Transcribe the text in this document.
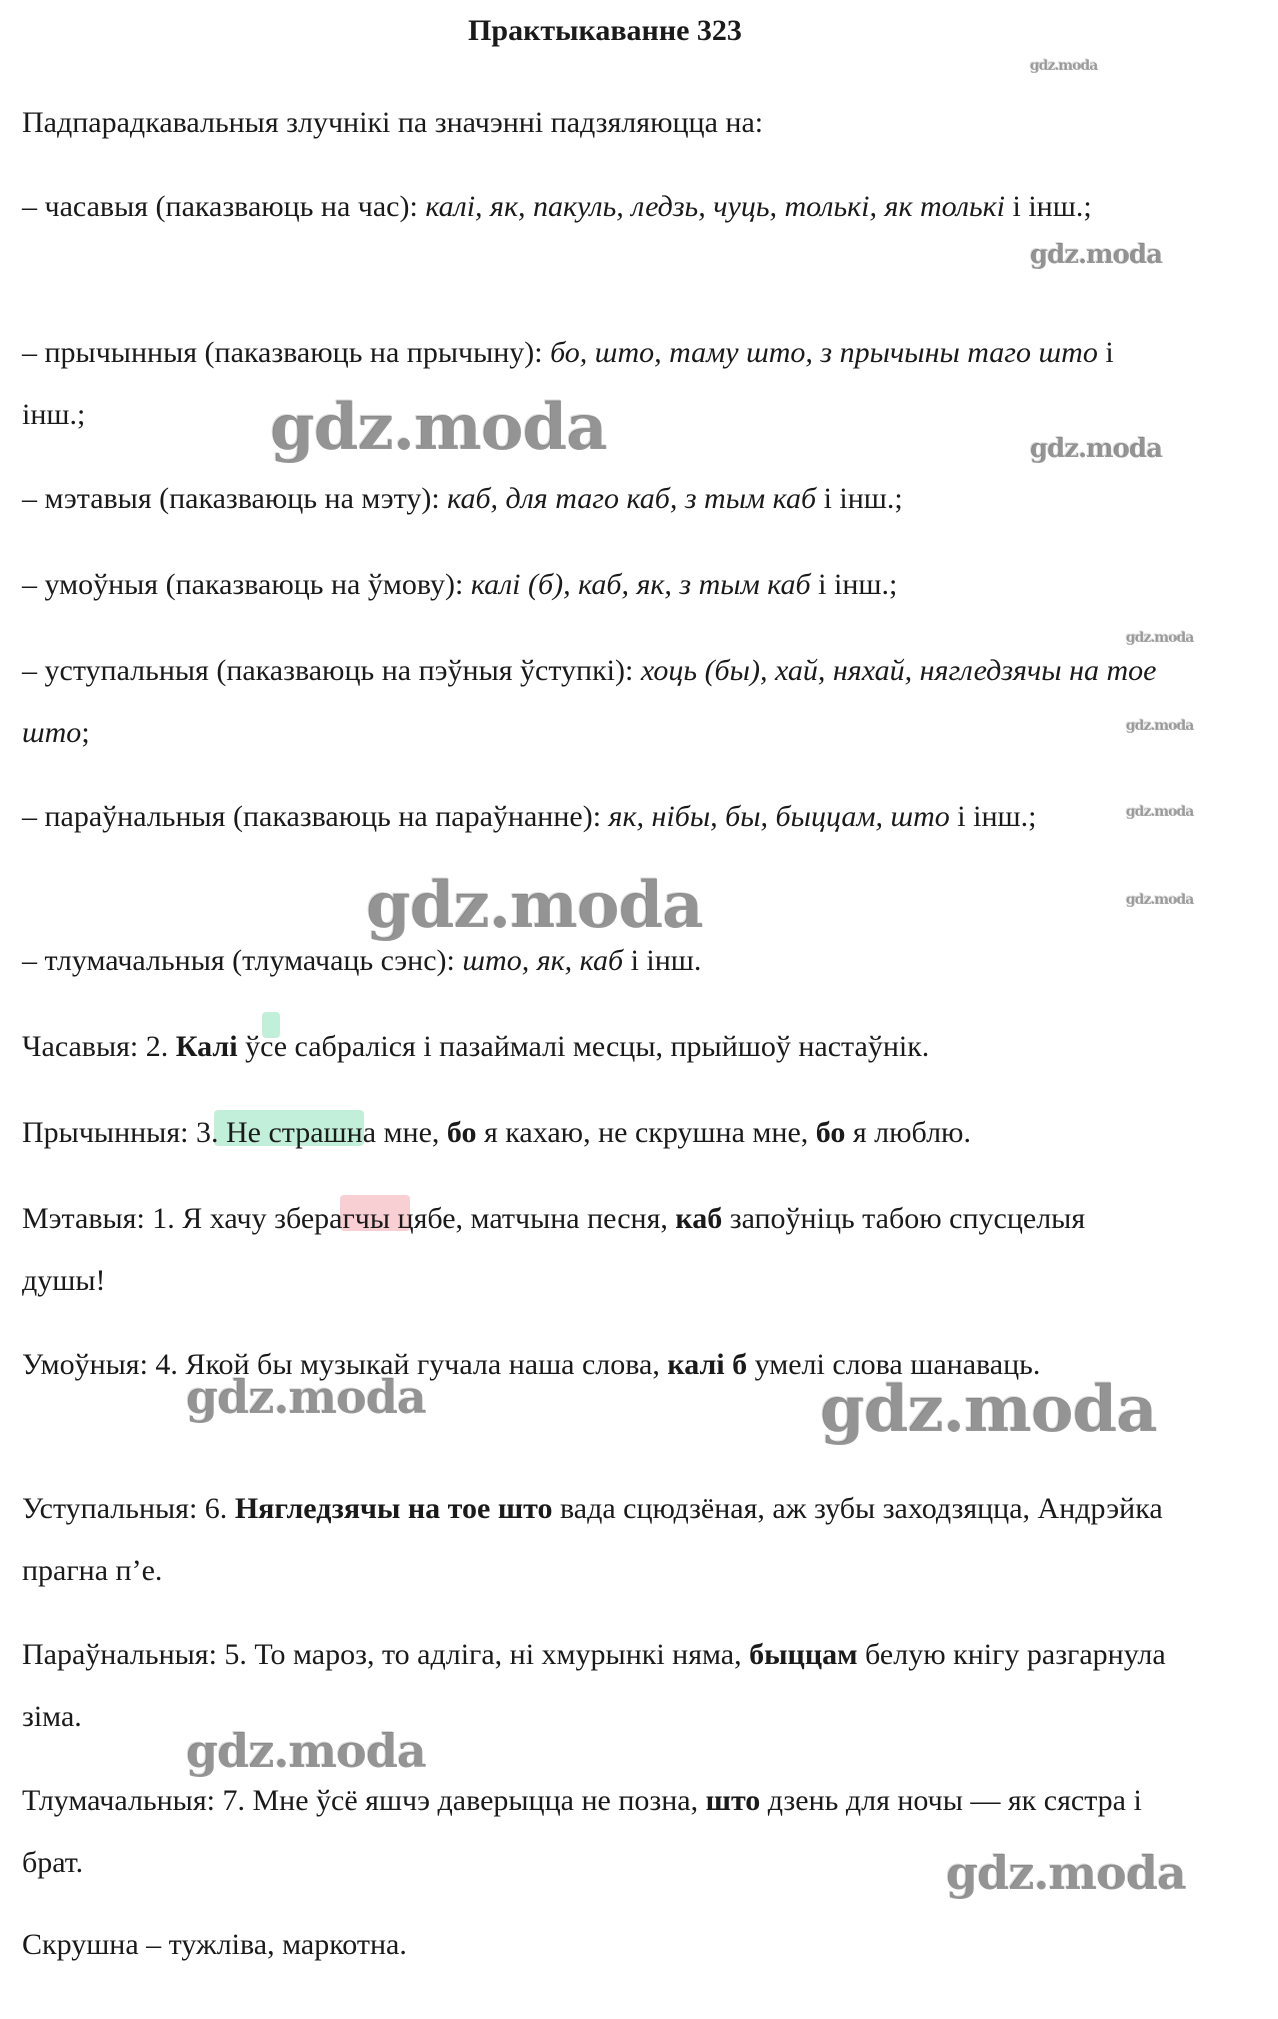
Практыкаванне 323

Падпарадкавальныя злучнікі па значэнні падзяляюцца на:

– часавыя (паказваюць на час): калі, як, пакуль, ледзь, чуць, толькі, як толькі і інш.;

– прычынныя (паказваюць на прычыну): бо, што, таму што, з прычыны таго што і інш.;

– мэтавыя (паказваюць на мэту): каб, для таго каб, з тым каб і інш.;

– умоўныя (паказваюць на ўмову): калі (б), каб, як, з тым каб і інш.;

– уступальныя (паказваюць на пэўныя ўступкі): хоць (бы), хай, няхай, нягледзячы на тое што;

– параўнальныя (паказваюць на параўнанне): як, нібы, бы, быццам, што і інш.;

– тлумачальныя (тлумачаць сэнс): што, як, каб і інш.

Часавыя: 2. Калі ўсе сабраліся і пазаймалі месцы, прыйшоў настаўнік.

Прычынныя: 3. Не страшна мне, бо я кахаю, не скрушна мне, бо я люблю.

Мэтавыя: 1. Я хачу зберагчы цябе, матчына песня, каб запоўніць табою спусцелыя душы!

Умоўныя: 4. Якой бы музыкай гучала наша слова, калі б умелі слова шанаваць.

Уступальныя: 6. Нягледзячы на тое што вада сцюдзёная, аж зубы заходзяцца, Андрэйка прагна п’е.

Параўнальныя: 5. То мароз, то адліга, ні хмурынкі няма, быццам белую кнігу разгарнула зіма.

Тлумачальныя: 7. Мне ўсё яшчэ даверыцца не позна, што дзень для ночы — як сястра і брат.

Скрушна – тужліва, маркотна.

gdz.moda
gdz.moda
gdz.moda	gdz.moda
gdz.moda
gdz.moda
gdz.moda
gdz.moda
gdz.moda
gdz.moda	gdz.moda
gdz.moda
gdz.moda
